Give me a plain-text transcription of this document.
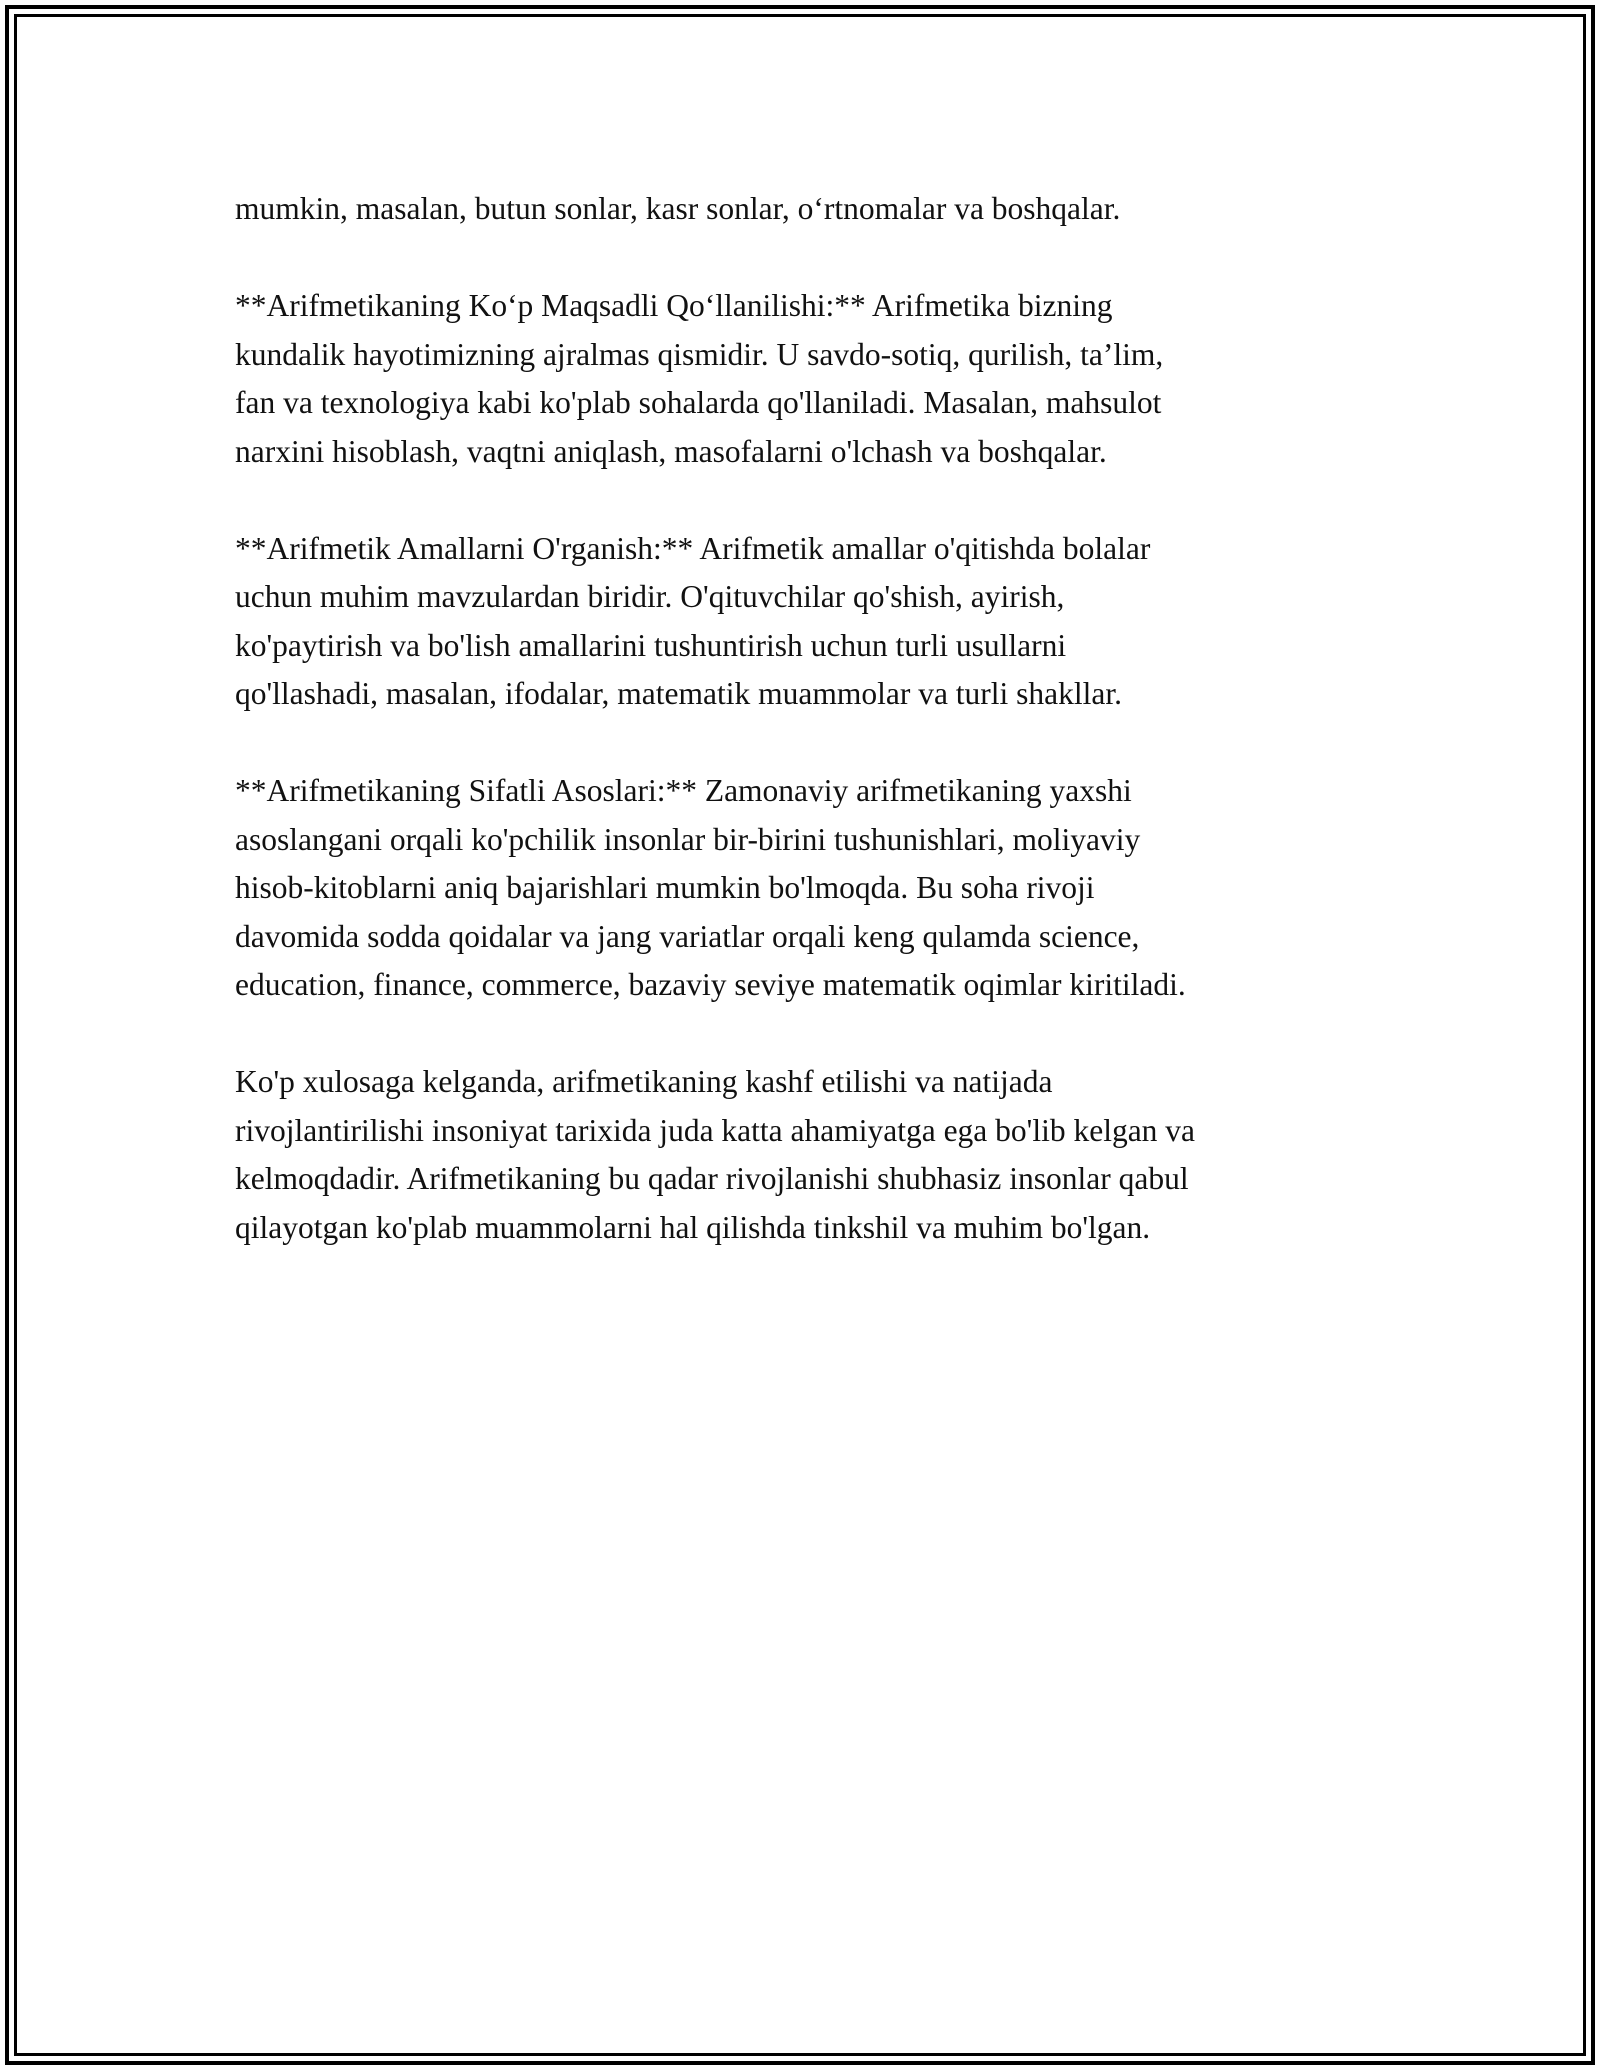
mumkin, masalan, butun sonlar, kasr sonlar, o‘rtnomalar va boshqalar.

**Arifmetikaning Ko‘p Maqsadli Qo‘llanilishi:** Arifmetika bizning
kundalik hayotimizning ajralmas qismidir. U savdo-sotiq, qurilish, ta’lim,
fan va texnologiya kabi ko'plab sohalarda qo'llaniladi. Masalan, mahsulot
narxini hisoblash, vaqtni aniqlash, masofalarni o'lchash va boshqalar.

**Arifmetik Amallarni O'rganish:** Arifmetik amallar o'qitishda bolalar
uchun muhim mavzulardan biridir. O'qituvchilar qo'shish, ayirish,
ko'paytirish va bo'lish amallarini tushuntirish uchun turli usullarni
qo'llashadi, masalan, ifodalar, matematik muammolar va turli shakllar.

**Arifmetikaning Sifatli Asoslari:** Zamonaviy arifmetikaning yaxshi
asoslangani orqali ko'pchilik insonlar bir-birini tushunishlari, moliyaviy
hisob-kitoblarni aniq bajarishlari mumkin bo'lmoqda. Bu soha rivoji
davomida sodda qoidalar va jang variatlar orqali keng qulamda science,
education, finance, commerce, bazaviy seviye matematik oqimlar kiritiladi.

Ko'p xulosaga kelganda, arifmetikaning kashf etilishi va natijada
rivojlantirilishi insoniyat tarixida juda katta ahamiyatga ega bo'lib kelgan va
kelmoqdadir. Arifmetikaning bu qadar rivojlanishi shubhasiz insonlar qabul
qilayotgan ko'plab muammolarni hal qilishda tinkshil va muhim bo'lgan.
